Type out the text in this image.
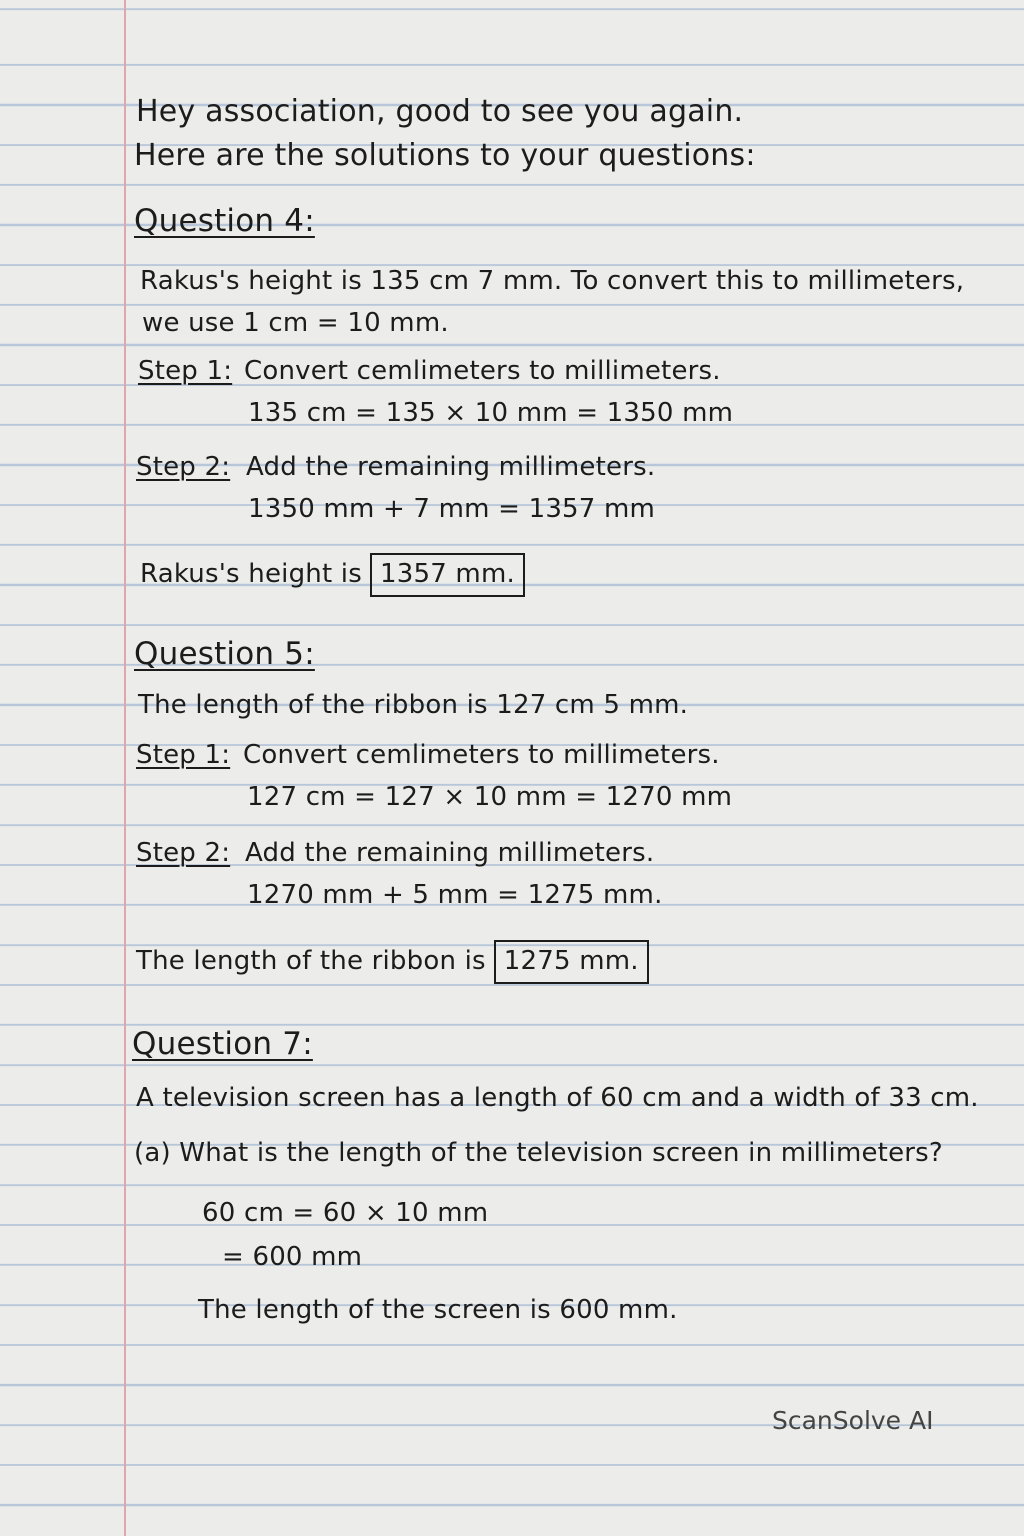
Hey association, good to see you again.
Here are the solutions to your questions:
Question 4:
Rakus's height is 135 cm 7 mm. To convert this to millimeters,
we use 1 cm = 10 mm.
Step 1: Convert cemlimeters to millimeters.
135 cm = 135 × 10 mm = 1350 mm
Step 2: Add the remaining millimeters.
1350 mm + 7 mm = 1357 mm
Rakus's height is 1357 mm.
Question 5:
The length of the ribbon is 127 cm 5 mm.
Step 1: Convert cemlimeters to millimeters.
127 cm = 127 × 10 mm = 1270 mm
Step 2: Add the remaining millimeters.
1270 mm + 5 mm = 1275 mm.
The length of the ribbon is 1275 mm.
Question 7:
A television screen has a length of 60 cm and a width of 33 cm.
(a) What is the length of the television screen in millimeters?
60 cm = 60 × 10 mm
= 600 mm
The length of the screen is 600 mm.
ScanSolve AI
